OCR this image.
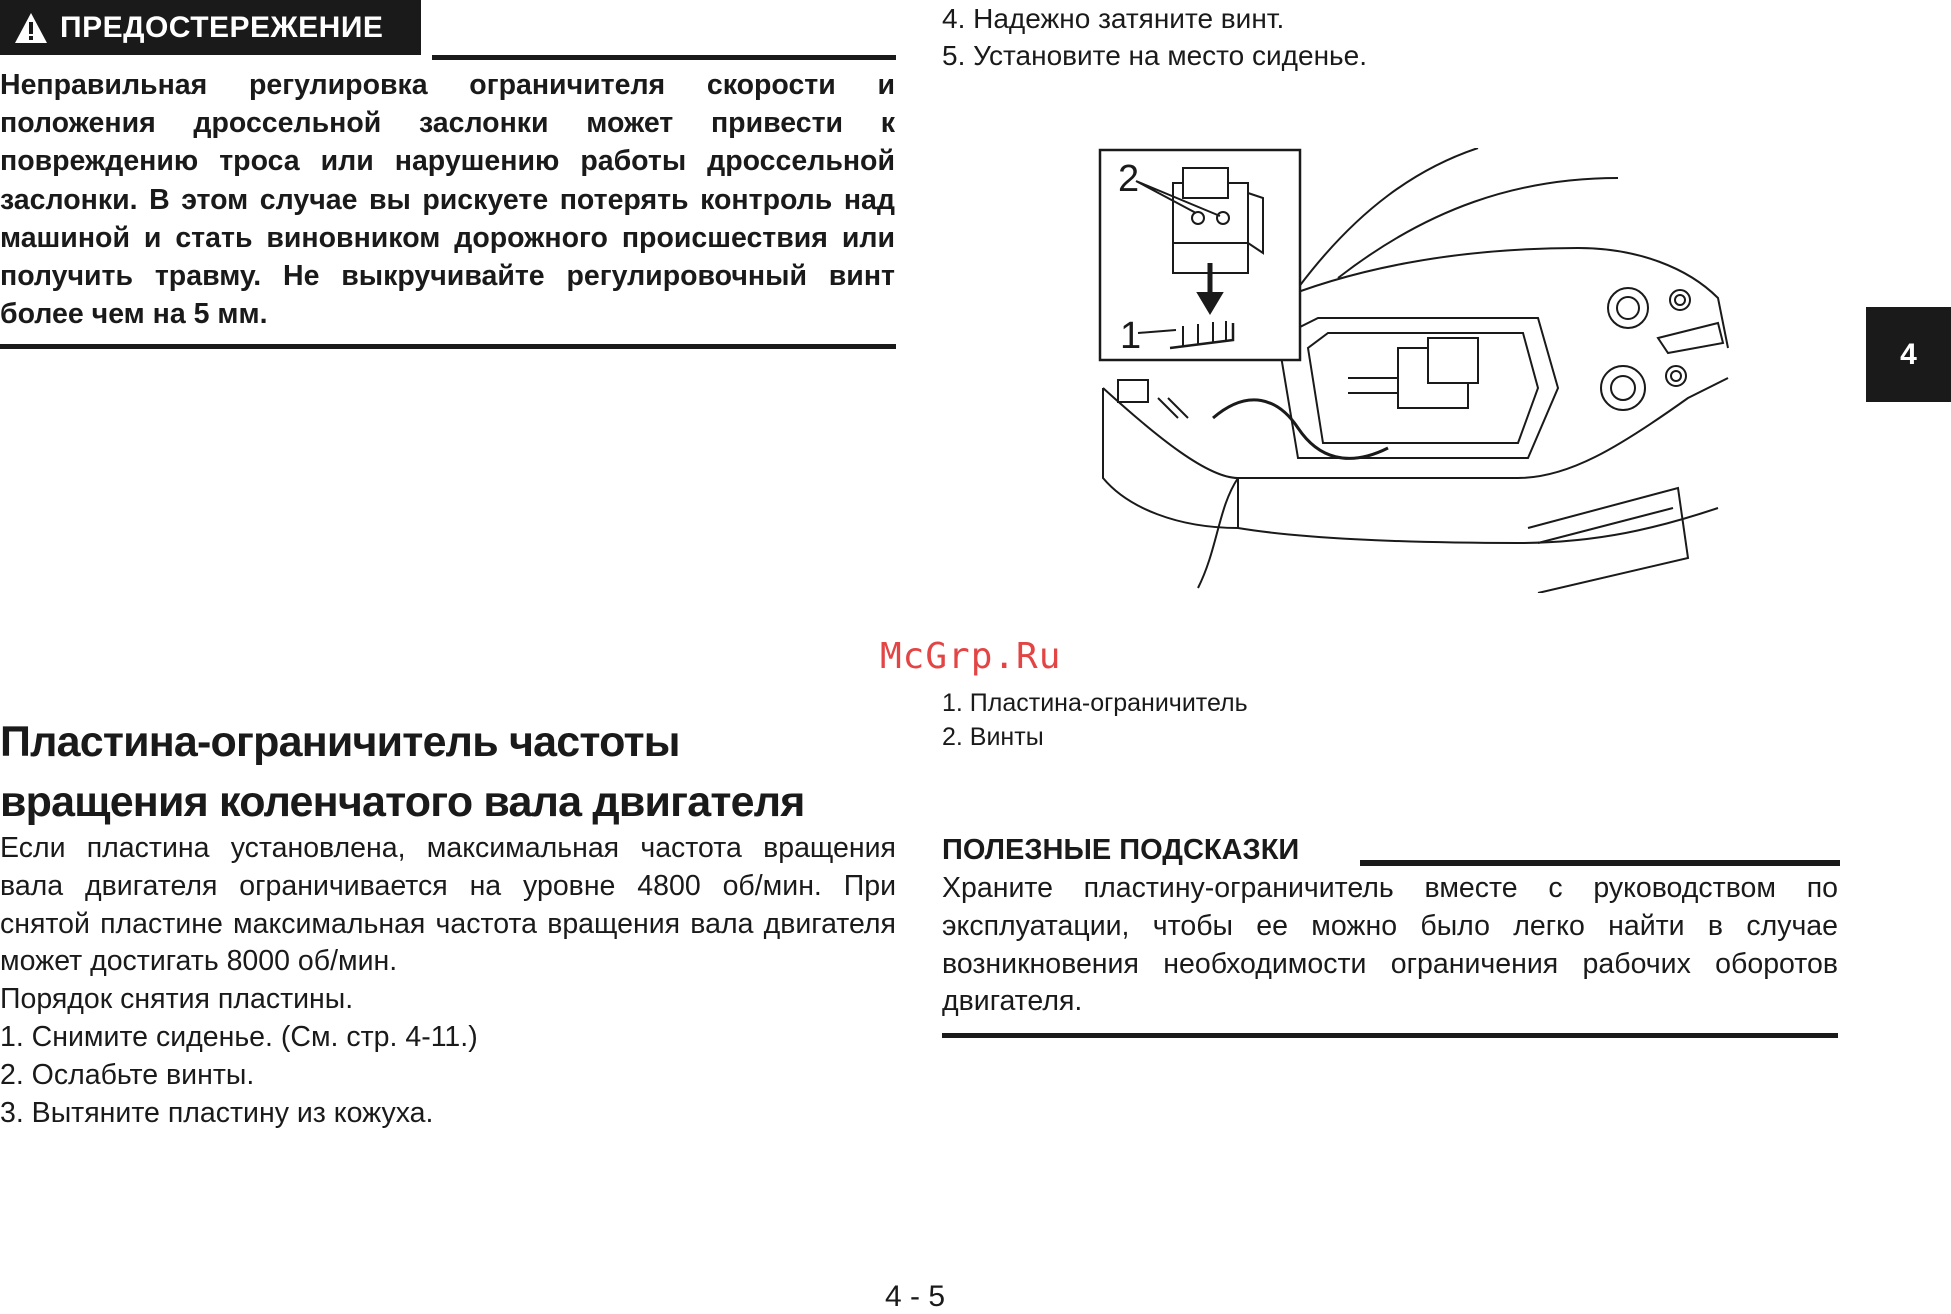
ПРЕДОСТЕРЕЖЕНИЕ
Неправильная регулировка ограничителя скорости и положения дроссельной заслонки может привести к повреждению троса или нарушению работы дроссельной заслонки. В этом случае вы рискуете потерять контроль над машиной и стать виновником дорожного происшествия или получить травму. Не выкручивайте регулировочный винт более чем на 5 мм.
4. Надежно затяните винт.
5. Установите на место сиденье.
2
1
McGrp.Ru
1. Пластина-ограничитель
2. Винты
Пластина-ограничитель частоты вращения коленчатого вала двигателя

Если пластина установлена, максимальная частота вращения вала двигателя ограничивается на уровне 4800 об/мин. При снятой пластине максимальная частота вращения вала двигателя может достигать 8000 об/мин.

Порядок снятия пластины.

1. Снимите сиденье. (См. стр. 4-11.)

2. Ослабьте винты.

3. Вытяните пластину из кожуха.

ПОЛЕЗНЫЕ ПОДСКАЗКИ
Храните пластину-ограничитель вместе с руководством по эксплуатации, чтобы ее можно было легко найти в случае возникновения необходимости ограничения рабочих оборотов двигателя.
4
4 - 5
